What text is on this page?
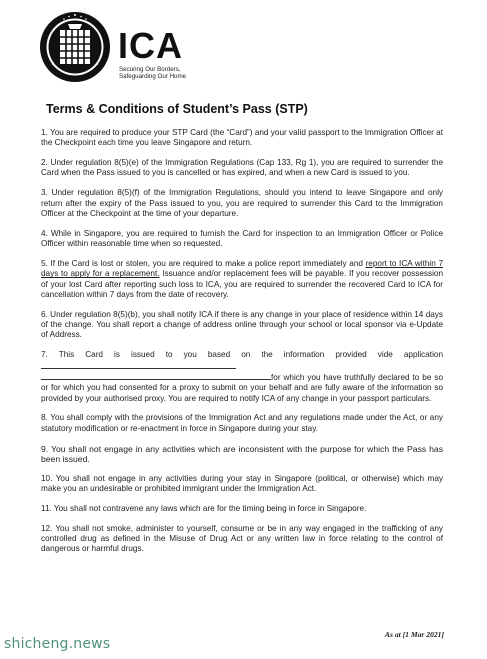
ICA
Securing Our Borders,
Safeguarding Our Home
Terms & Conditions of Student’s Pass (STP)

1. You are required to produce your STP Card (the “Card”) and your valid passport to the Immigration Officer at the Checkpoint each time you leave Singapore and return.

2. Under regulation 8(5)(e) of the Immigration Regulations (Cap 133, Rg 1), you are required to surrender the Card when the Pass issued to you is cancelled or has expired, and when a new Card is issued to you.

3. Under regulation 8(5)(f) of the Immigration Regulations, should you intend to leave Singapore and only return after the expiry of the Pass issued to you, you are required to surrender this Card to the Immigration Officer at the Checkpoint at the time of your departure.

4. While in Singapore, you are required to furnish the Card for inspection to an Immigration Officer or Police Officer within reasonable time when so requested.

5. If the Card is lost or stolen, you are required to make a police report immediately and report to ICA within 7 days to apply for a replacement. Issuance and/or replacement fees will be payable. If you recover possession of your lost Card after reporting such loss to ICA, you are required to surrender the recovered Card to ICA for cancellation within 7 days from the date of recovery.

6. Under regulation 8(5)(b), you shall notify ICA if there is any change in your place of residence within 14 days of the change. You shall report a change of address online through your school or local sponsor via e-Update of Address.

7. This Card is issued to you based on the information provided vide application  for which you have truthfully declared to be so or for which you had consented for a proxy to submit on your behalf and are fully aware of the information so provided by your authorised proxy. You are required to notify ICA of any change in your passport particulars.

8. You shall comply with the provisions of the Immigration Act and any regulations made under the Act, or any statutory modification or re-enactment in force in Singapore during your stay.

9. You shall not engage in any activities which are inconsistent with the purpose for which the Pass has been issued.

10. You shall not engage in any activities during your stay in Singapore (political, or otherwise) which may make you an undesirable or prohibited immigrant under the Immigration Act.

11. You shall not contravene any laws which are for the timing being in force in Singapore.

12. You shall not smoke, administer to yourself, consume or be in any way engaged in the trafficking of any controlled drug as defined in the Misuse of Drug Act or any written law in force relating to the control of dangerous or harmful drugs.

As at [1 Mar 2021]
shicheng.news
